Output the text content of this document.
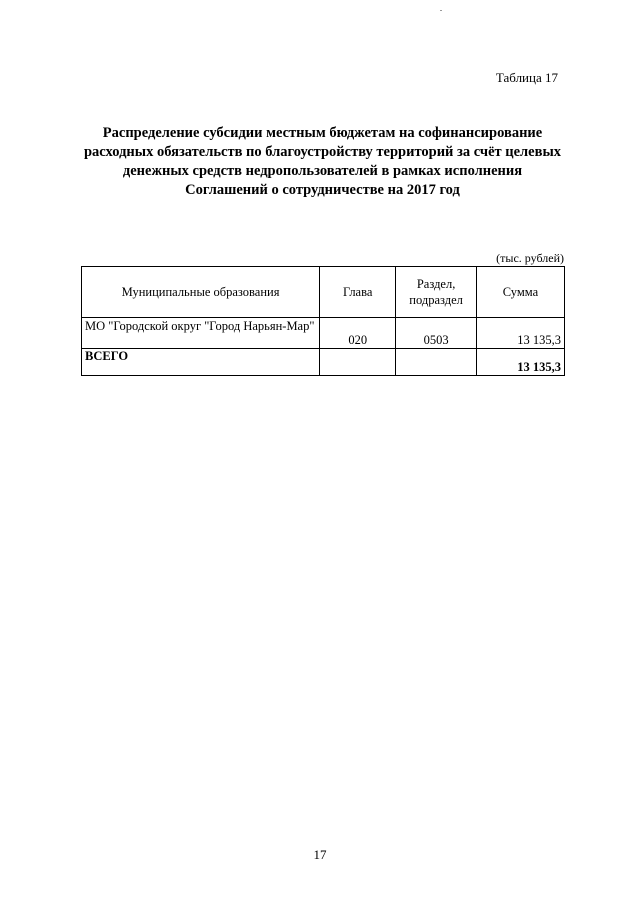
Таблица 17
Распределение субсидии местным бюджетам на софинансирование расходных обязательств по благоустройству территорий за счёт целевых денежных средств недропользователей в рамках исполнения Соглашений о сотрудничестве на 2017 год
(тыс. рублей)
Муниципальные образования	Глава	Раздел, подраздел	Сумма
МО "Городской округ "Город Нарьян-Мар"	020	0503	13 135,3
ВСЕГО			13 135,3
17
